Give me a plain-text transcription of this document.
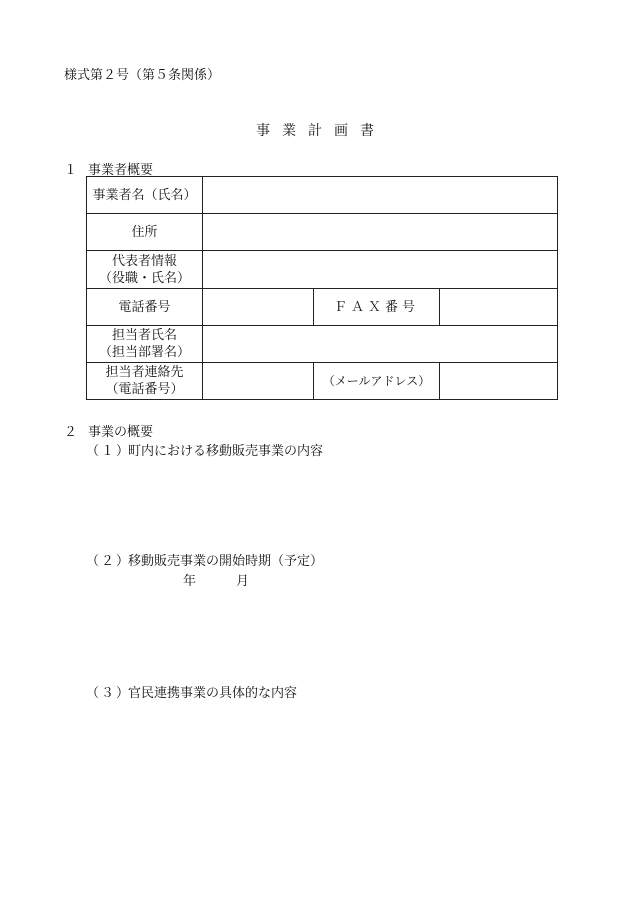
様式第２号（第５条関係）
事業計画書
１ 事業者概要
事業者名（氏名）			
住所			

代表者情報
（役職・氏名）			

電話番号		ＦＡＸ番号	

担当者氏名
（担当部署名）			

担当者連絡先
（電話番号）		（メールアドレス）	
２ 事業の概要
（１）町内における移動販売事業の内容
（２）移動販売事業の開始時期（予定）
年	月
（３）官民連携事業の具体的な内容
